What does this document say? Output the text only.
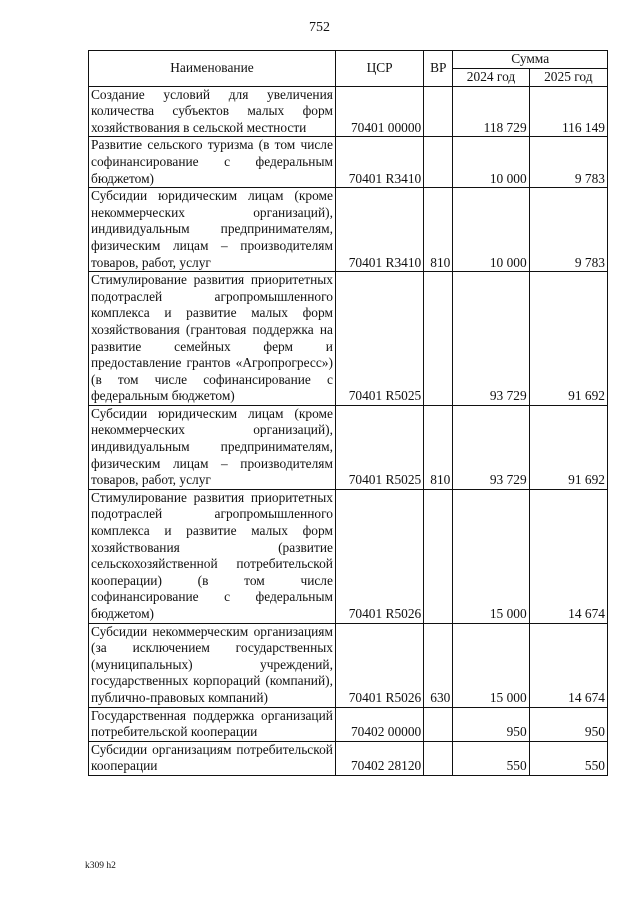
752
Наименование	ЦСР	ВР	Сумма	
			2024 год	2025 год
Создание условий для увеличения количества субъектов малых форм хозяйствования в сельской местности	70401 00000		118 729	116 149
Развитие сельского туризма (в том числе софинансирование с федеральным бюджетом)	70401 R3410		10 000	9 783
Субсидии юридическим лицам (кроме некоммерческих организаций), индивидуальным предпринимателям, физическим лицам – производителям товаров, работ, услуг	70401 R3410	810	10 000	9 783
Стимулирование развития приоритетных подотраслей агропромышленного комплекса и развитие малых форм хозяйствования (грантовая поддержка на развитие семейных ферм и предоставление грантов «Агропрогресс») (в том числе софинансирование с федеральным бюджетом)	70401 R5025		93 729	91 692
Субсидии юридическим лицам (кроме некоммерческих организаций), индивидуальным предпринимателям, физическим лицам – производителям товаров, работ, услуг	70401 R5025	810	93 729	91 692
Стимулирование развития приоритетных подотраслей агропромышленного комплекса и развитие малых форм хозяйствования (развитие сельскохозяйственной потребительской кооперации) (в том числе софинансирование с федеральным бюджетом)	70401 R5026		15 000	14 674
Субсидии некоммерческим организациям (за исключением государственных (муниципальных) учреждений, государственных корпораций (компаний), публично-правовых компаний)	70401 R5026	630	15 000	14 674
Государственная поддержка организаций потребительской кооперации	70402 00000		950	950
Субсидии организациям потребительской кооперации	70402 28120		550	550
k309 h2
